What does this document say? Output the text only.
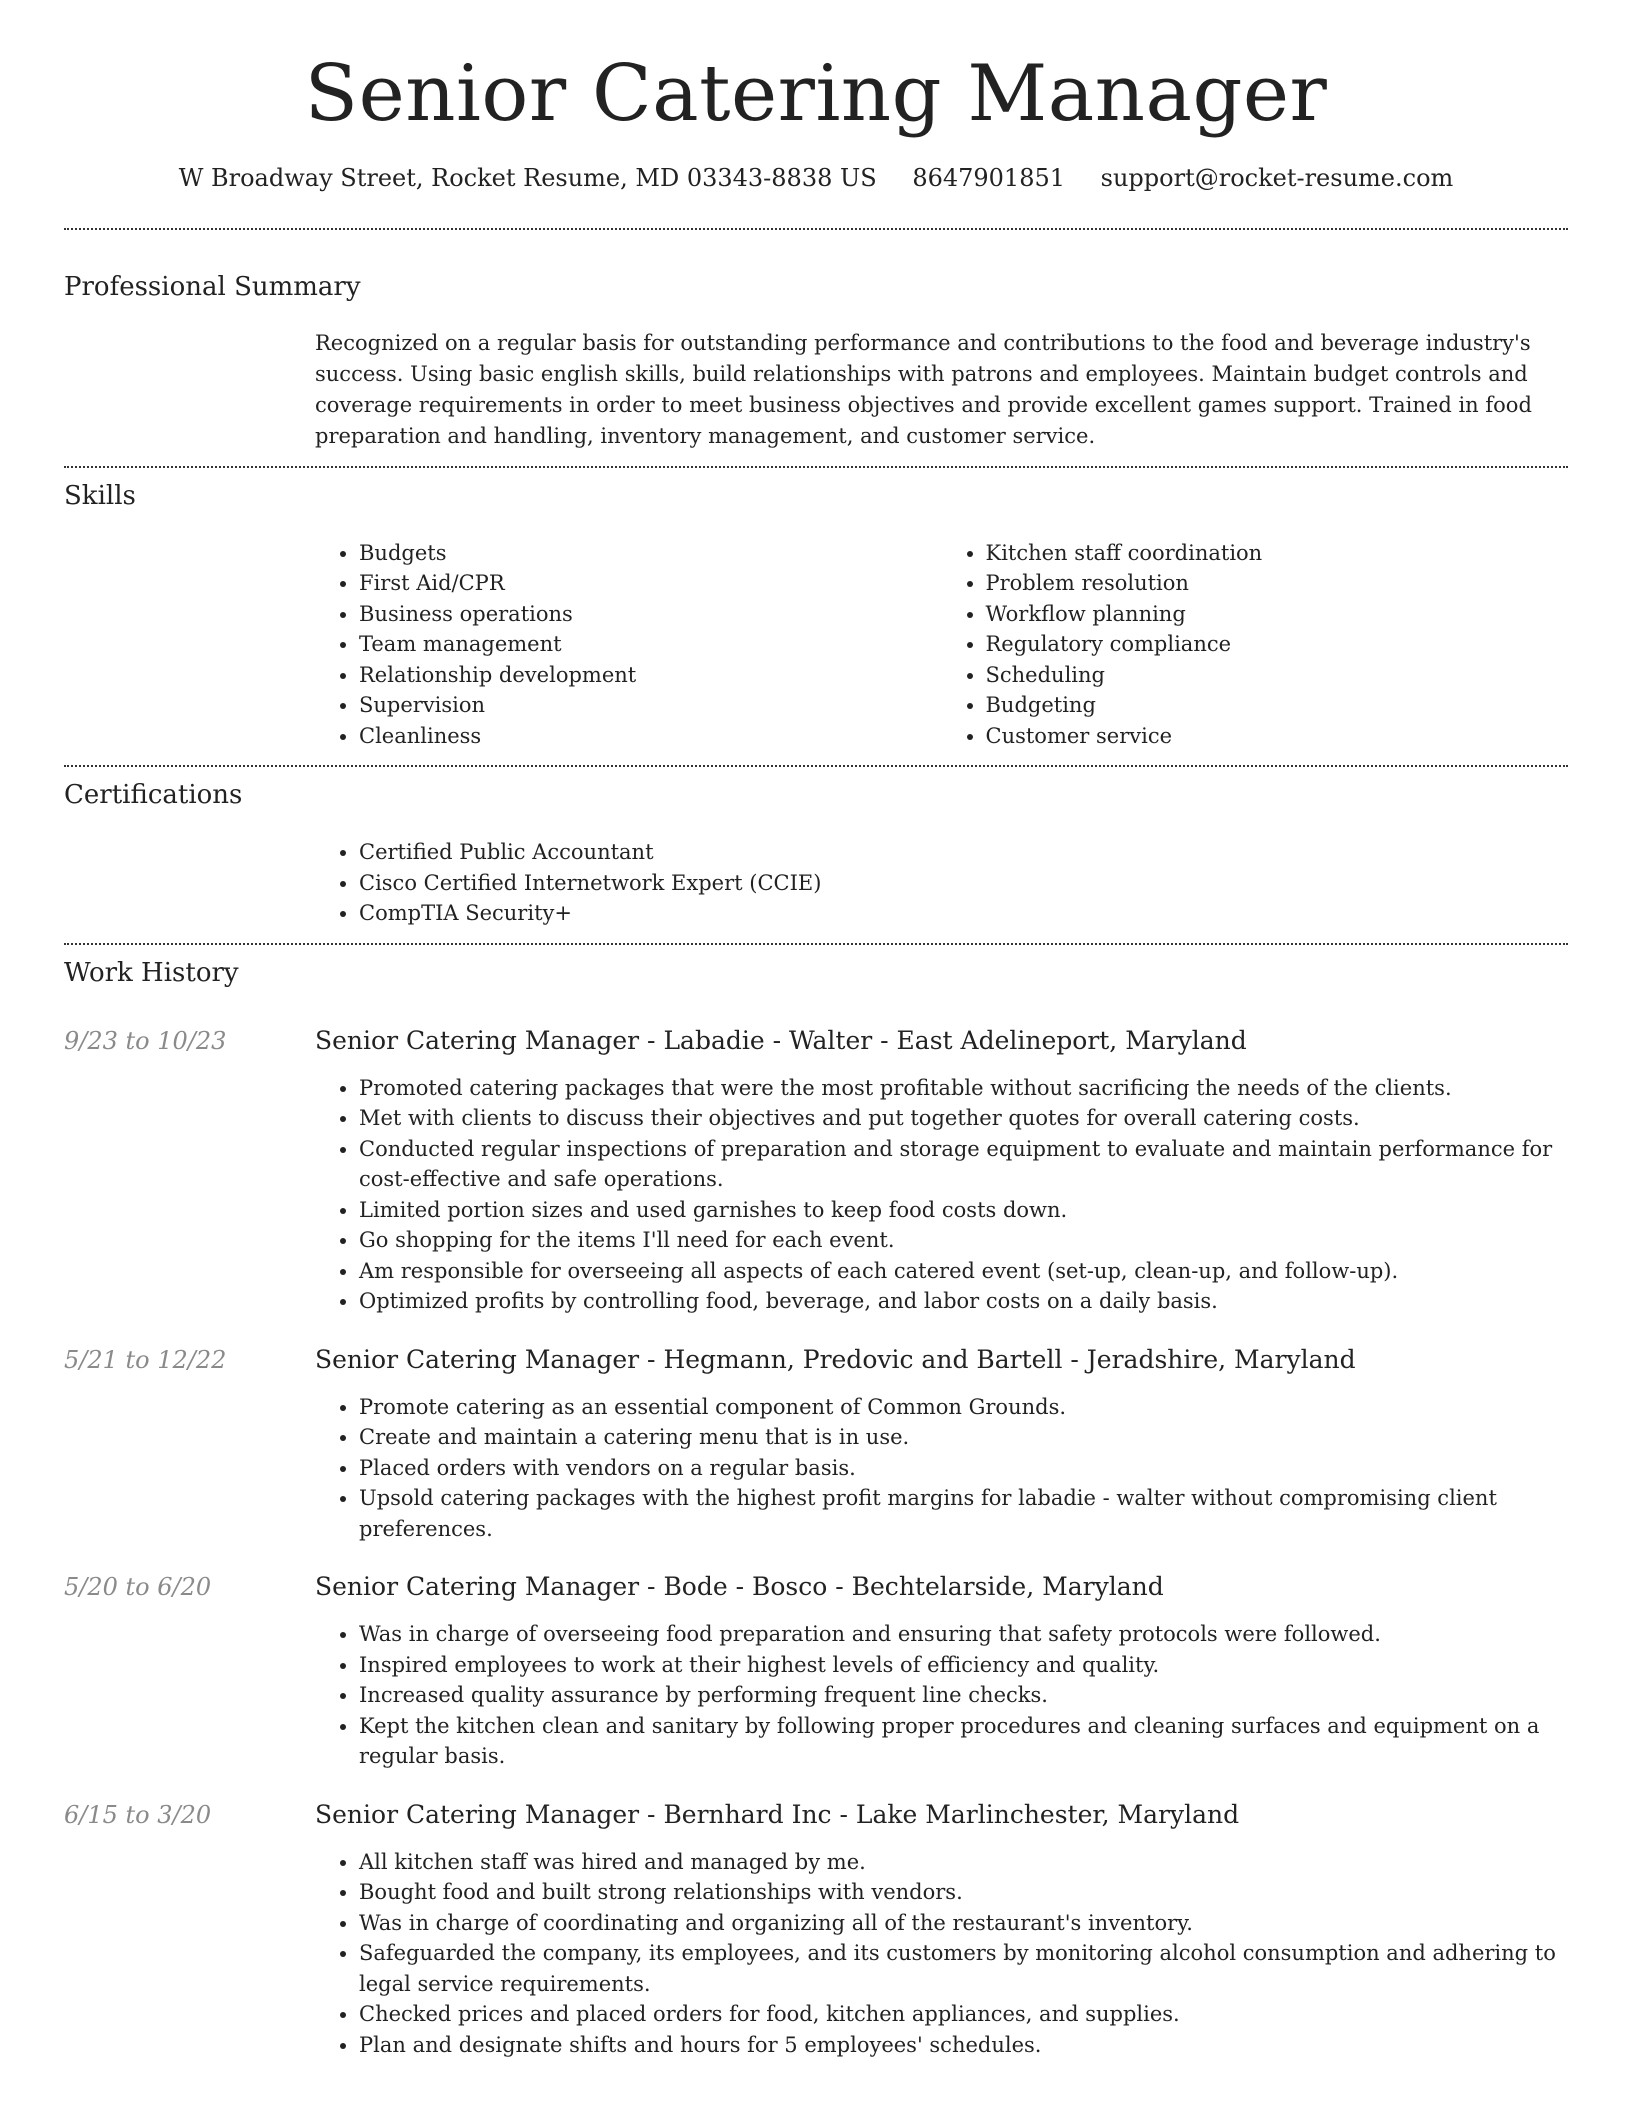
Senior Catering Manager
W Broadway Street, Rocket Resume, MD 03343-8838 US 8647901851 support@rocket-resume.com
Professional Summary
Recognized on a regular basis for outstanding performance and contributions to the food and beverage industry's success. Using basic english skills, build relationships with patrons and employees. Maintain budget controls and coverage requirements in order to meet business objectives and provide excellent games support. Trained in food preparation and handling, inventory management, and customer service.
Skills
• Budgets
• First Aid/CPR
• Business operations
• Team management
• Relationship development
• Supervision
• Cleanliness
• Kitchen staff coordination
• Problem resolution
• Workflow planning
• Regulatory compliance
• Scheduling
• Budgeting
• Customer service
Certifications
• Certified Public Accountant
• Cisco Certified Internetwork Expert (CCIE)
• CompTIA Security+
Work History
9/23 to 10/23	Senior Catering Manager - Labadie - Walter - East Adelineport, Maryland
• Promoted catering packages that were the most profitable without sacrificing the needs of the clients.
• Met with clients to discuss their objectives and put together quotes for overall catering costs.
• Conducted regular inspections of preparation and storage equipment to evaluate and maintain performance for cost-effective and safe operations.
• Limited portion sizes and used garnishes to keep food costs down.
• Go shopping for the items I'll need for each event.
• Am responsible for overseeing all aspects of each catered event (set-up, clean-up, and follow-up).
• Optimized profits by controlling food, beverage, and labor costs on a daily basis.
5/21 to 12/22	Senior Catering Manager - Hegmann, Predovic and Bartell - Jeradshire, Maryland
• Promote catering as an essential component of Common Grounds.
• Create and maintain a catering menu that is in use.
• Placed orders with vendors on a regular basis.
• Upsold catering packages with the highest profit margins for labadie - walter without compromising client preferences.
5/20 to 6/20	Senior Catering Manager - Bode - Bosco - Bechtelarside, Maryland
• Was in charge of overseeing food preparation and ensuring that safety protocols were followed.
• Inspired employees to work at their highest levels of efficiency and quality.
• Increased quality assurance by performing frequent line checks.
• Kept the kitchen clean and sanitary by following proper procedures and cleaning surfaces and equipment on a regular basis.
6/15 to 3/20	Senior Catering Manager - Bernhard Inc - Lake Marlinchester, Maryland
• All kitchen staff was hired and managed by me.
• Bought food and built strong relationships with vendors.
• Was in charge of coordinating and organizing all of the restaurant's inventory.
• Safeguarded the company, its employees, and its customers by monitoring alcohol consumption and adhering to legal service requirements.
• Checked prices and placed orders for food, kitchen appliances, and supplies.
• Plan and designate shifts and hours for 5 employees' schedules.
